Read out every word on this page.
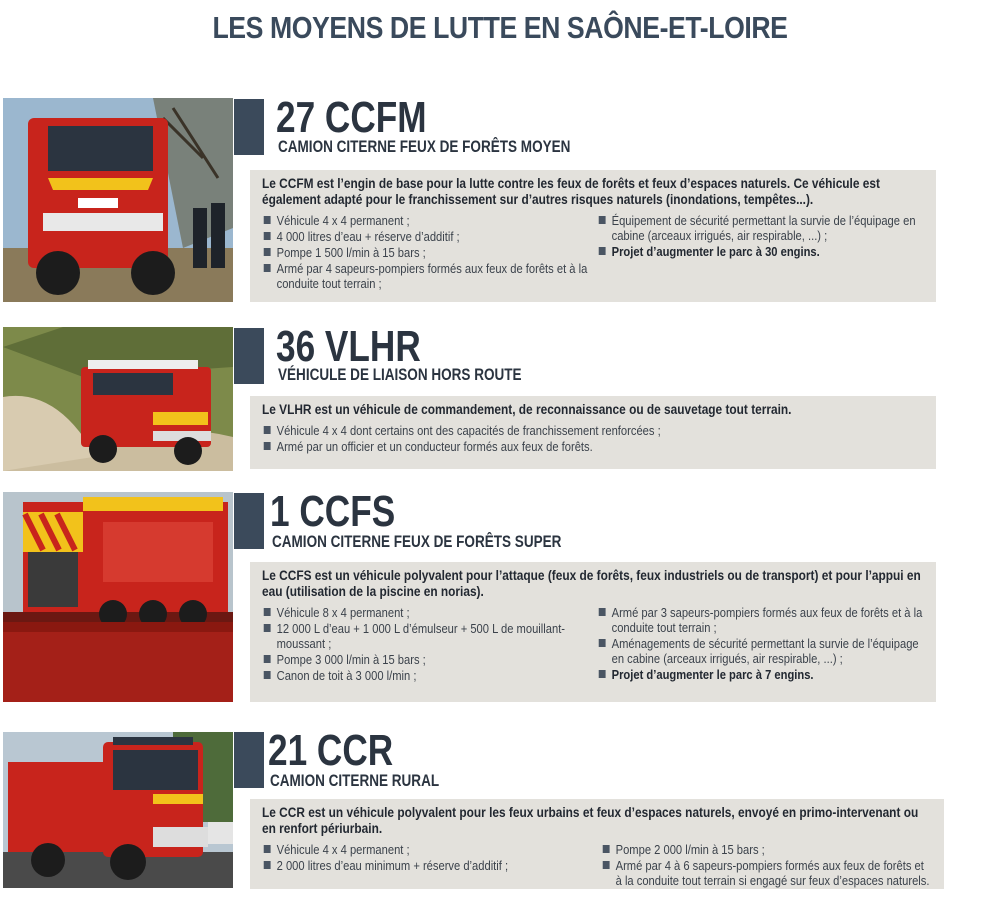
LES MOYENS DE LUTTE EN SAÔNE-ET-LOIRE
27 CCFM
CAMION CITERNE FEUX DE FORÊTS MOYEN
Le CCFM est l’engin de base pour la lutte contre les feux de forêts et feux d’espaces naturels. Ce véhicule est également adapté pour le franchissement sur d’autres risques naturels (inondations, tempêtes...).
Véhicule 4 x 4 permanent ;
4 000 litres d’eau + réserve d’additif ;
Pompe 1 500 l/min à 15 bars ;
Armé par 4 sapeurs-pompiers formés aux feux de forêts et à la conduite tout terrain ;
Équipement de sécurité permettant la survie de l’équipage en cabine (arceaux irrigués, air respirable, ...) ;
Projet d’augmenter le parc à 30 engins.
36 VLHR
VÉHICULE DE LIAISON HORS ROUTE
Le VLHR est un véhicule de commandement, de reconnaissance ou de sauvetage tout terrain.
Véhicule 4 x 4 dont certains ont des capacités de franchissement renforcées ;
Armé par un officier et un conducteur formés aux feux de forêts.
1 CCFS
CAMION CITERNE FEUX DE FORÊTS SUPER
Le CCFS est un véhicule polyvalent pour l’attaque (feux de forêts, feux industriels ou de transport) et pour l’appui en eau (utilisation de la piscine en norias).
Véhicule 8 x 4 permanent ;
12 000 L d’eau + 1 000 L d’émulseur + 500 L de mouillant-moussant ;
Pompe 3 000 l/min à 15 bars ;
Canon de toit à 3 000 l/min ;
Armé par 3 sapeurs-pompiers formés aux feux de forêts et à la conduite tout terrain ;
Aménagements de sécurité permettant la survie de l’équipage en cabine (arceaux irrigués, air respirable, ...) ;
Projet d’augmenter le parc à 7 engins.
21 CCR
CAMION CITERNE RURAL
Le CCR est un véhicule polyvalent pour les feux urbains et feux d’espaces naturels, envoyé en primo-intervenant ou en renfort périurbain.
Véhicule 4 x 4 permanent ;
2 000 litres d’eau minimum + réserve d’additif ;
Pompe 2 000 l/min à 15 bars ;
Armé par 4 à 6 sapeurs-pompiers formés aux feux de forêts et à la conduite tout terrain si engagé sur feux d’espaces naturels.
